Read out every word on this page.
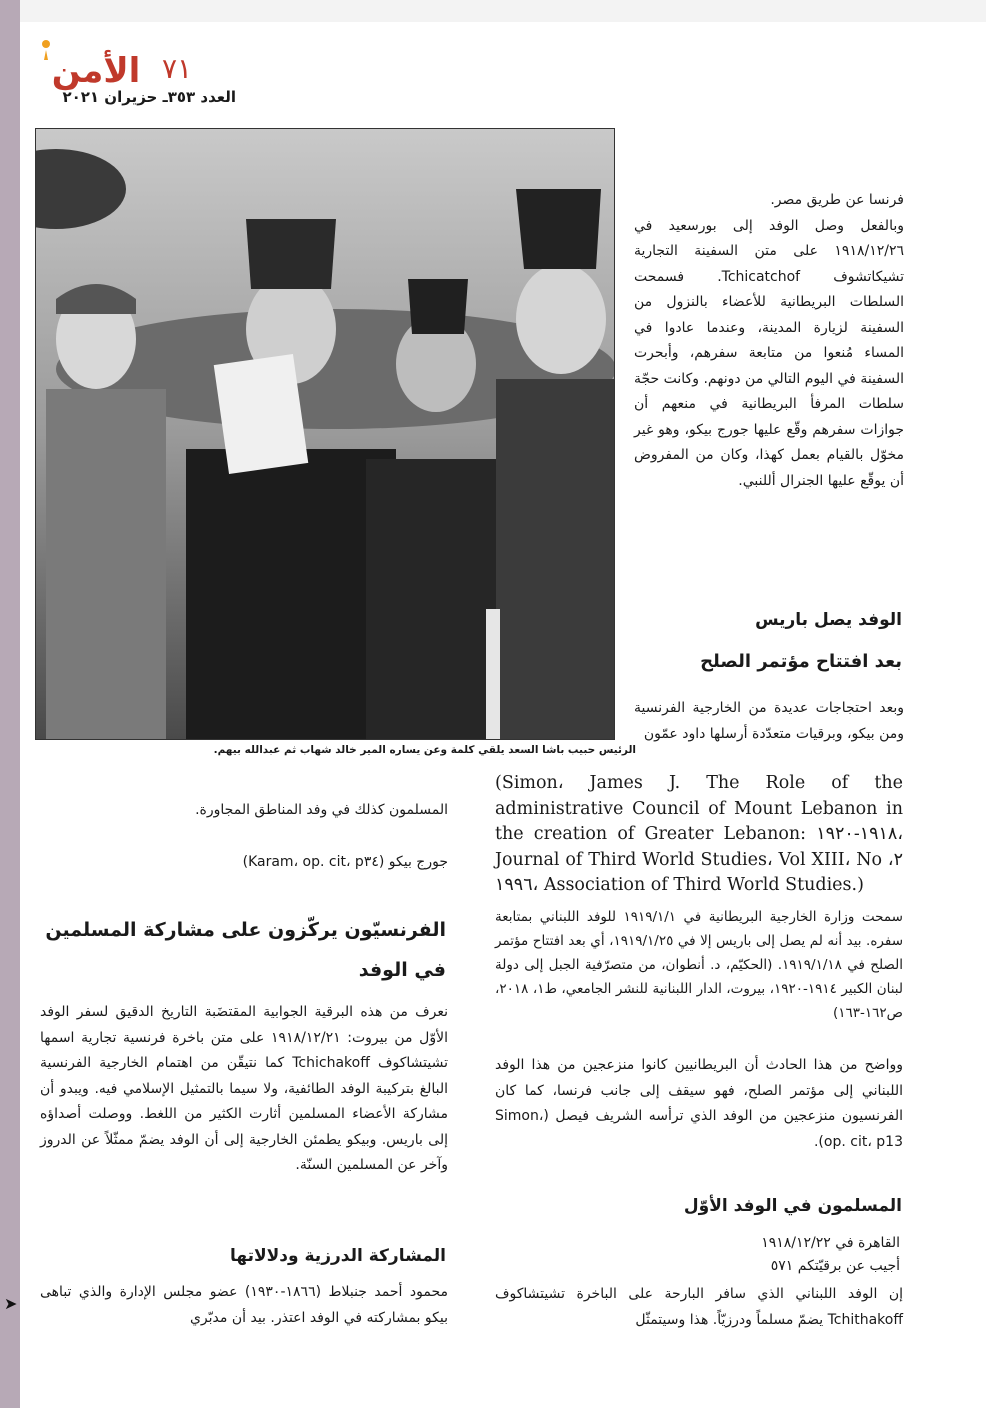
الأمن ٧١
العدد ٣٥٣ـ حزيران ٢٠٢١
الرئيس حبيب باشا السعد يلقي كلمة وعن يساره المير خالد شهاب ثم عبدالله بيهم.
فرنسا عن طريق مصر.
وبالفعل وصل الوفد إلى بورسعيد في ١٩١٨/١٢/٢٦ على متن السفينة التجارية تشيكاتشوف Tchicatchof. فسمحت السلطات البريطانية للأعضاء بالنزول من السفينة لزيارة المدينة، وعندما عادوا في المساء مُنعوا من متابعة سفرهم، وأبحرت السفينة في اليوم التالي من دونهم. وكانت حجّة سلطات المرفأ البريطانية في منعهم أن جوازات سفرهم وقّع عليها جورج بيكو، وهو غير مخوّل بالقيام بعمل كهذا، وكان من المفروض أن يوقّع عليها الجنرال أللنبي.
الوفد يصل باريس
بعد افتتاح مؤتمر الصلح
وبعد احتجاجات عديدة من الخارجية الفرنسية ومن بيكو، وبرقيات متعدّدة أرسلها داود عمّون
(Simon، James J. The Role of the administrative Council of Mount Lebanon in the creation of Greater Lebanon: ١٩١٨-١٩٢٠، Journal of Third World Studies، Vol XIII، No ،٢ ١٩٩٦، Association of Third World Studies.)
سمحت وزارة الخارجية البريطانية في ١٩١٩/١/١ للوفد اللبناني بمتابعة سفره. بيد أنه لم يصل إلى باريس إلا في ١٩١٩/١/٢٥، أي بعد افتتاح مؤتمر الصلح في ١٩١٩/١/١٨. (الحكيّم، د. أنطوان، من متصرّفية الجبل إلى دولة لبنان الكبير ١٩١٤-١٩٢٠، بيروت، الدار اللبنانية للنشر الجامعي، ط١، ٢٠١٨، ص١٦٢-١٦٣)
وواضح من هذا الحادث أن البريطانيين كانوا منزعجين من هذا الوفد اللبناني إلى مؤتمر الصلح، فهو سيقف إلى جانب فرنسا، كما كان الفرنسيون منزعجين من الوفد الذي ترأسه الشريف فيصل (Simon، op. cit، p13).
المسلمون في الوفد الأوّل
القاهرة في ١٩١٨/١٢/٢٢
أجيب عن برقيّتكم ٥٧١
إن الوفد اللبناني الذي سافر البارحة على الباخرة تشيتشاكوف Tchithakoff يضمّ مسلماً ودرزيّاً. هذا وسيتمثّل
المسلمون كذلك في وفد المناطق المجاورة.
جورج بيكو (Karam، op. cit، p٣٤)
الفرنسيّون يركّزون على مشاركة المسلمين في الوفد
نعرف من هذه البرقية الجوابية المقتضَبة التاريخ الدقيق لسفر الوفد الأوّل من بيروت: ١٩١٨/١٢/٢١ على متن باخرة فرنسية تجارية اسمها تشيتشاكوف Tchichakoff كما نتيقّن من اهتمام الخارجية الفرنسية البالغ بتركيبة الوفد الطائفية، ولا سيما بالتمثيل الإسلامي فيه. ويبدو أن مشاركة الأعضاء المسلمين أثارت الكثير من اللغط. ووصلت أصداؤه إلى باريس. وبيكو يطمئن الخارجية إلى أن الوفد يضمّ ممثّلاً عن الدروز وآخر عن المسلمين السنّة.
المشاركة الدرزية ودلالاتها
محمود أحمد جنبلاط (١٨٦٦-١٩٣٠) عضو مجلس الإدارة والذي تباهى بيكو بمشاركته في الوفد اعتذر. بيد أن مدبّري
➤
